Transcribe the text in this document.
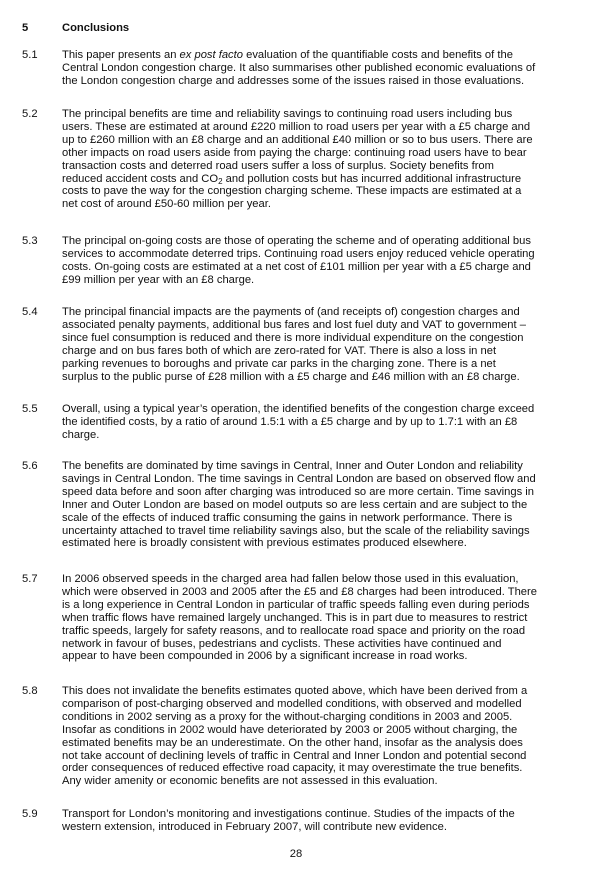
5	Conclusions
5.1	This paper presents an ex post facto evaluation of the quantifiable costs and benefits of the
Central London congestion charge. It also summarises other published economic evaluations of
the London congestion charge and addresses some of the issues raised in those evaluations.
5.2	The principal benefits are time and reliability savings to continuing road users including bus
users. These are estimated at around £220 million to road users per year with a £5 charge and
up to £260 million with an £8 charge and an additional £40 million or so to bus users. There are
other impacts on road users aside from paying the charge: continuing road users have to bear
transaction costs and deterred road users suffer a loss of surplus. Society benefits from
reduced accident costs and $CO_2$ and pollution costs but has incurred additional infrastructure
costs to pave the way for the congestion charging scheme. These impacts are estimated at a
net cost of around £50-60 million per year.
5.3	The principal on-going costs are those of operating the scheme and of operating additional bus
services to accommodate deterred trips. Continuing road users enjoy reduced vehicle operating
costs. On-going costs are estimated at a net cost of £101 million per year with a £5 charge and
£99 million per year with an £8 charge.
5.4	The principal financial impacts are the payments of (and receipts of) congestion charges and
associated penalty payments, additional bus fares and lost fuel duty and VAT to government –
since fuel consumption is reduced and there is more individual expenditure on the congestion
charge and on bus fares both of which are zero-rated for VAT. There is also a loss in net
parking revenues to boroughs and private car parks in the charging zone. There is a net
surplus to the public purse of £28 million with a £5 charge and £46 million with an £8 charge.
5.5	Overall, using a typical year’s operation, the identified benefits of the congestion charge exceed
the identified costs, by a ratio of around 1.5:1 with a £5 charge and by up to 1.7:1 with an £8
charge.
5.6	The benefits are dominated by time savings in Central, Inner and Outer London and reliability
savings in Central London. The time savings in Central London are based on observed flow and
speed data before and soon after charging was introduced so are more certain. Time savings in
Inner and Outer London are based on model outputs so are less certain and are subject to the
scale of the effects of induced traffic consuming the gains in network performance. There is
uncertainty attached to travel time reliability savings also, but the scale of the reliability savings
estimated here is broadly consistent with previous estimates produced elsewhere.
5.7	In 2006 observed speeds in the charged area had fallen below those used in this evaluation,
which were observed in 2003 and 2005 after the £5 and £8 charges had been introduced. There
is a long experience in Central London in particular of traffic speeds falling even during periods
when traffic flows have remained largely unchanged. This is in part due to measures to restrict
traffic speeds, largely for safety reasons, and to reallocate road space and priority on the road
network in favour of buses, pedestrians and cyclists. These activities have continued and
appear to have been compounded in 2006 by a significant increase in road works.
5.8	This does not invalidate the benefits estimates quoted above, which have been derived from a
comparison of post-charging observed and modelled conditions, with observed and modelled
conditions in 2002 serving as a proxy for the without-charging conditions in 2003 and 2005.
Insofar as conditions in 2002 would have deteriorated by 2003 or 2005 without charging, the
estimated benefits may be an underestimate. On the other hand, insofar as the analysis does
not take account of declining levels of traffic in Central and Inner London and potential second
order consequences of reduced effective road capacity, it may overestimate the true benefits.
Any wider amenity or economic benefits are not assessed in this evaluation.
5.9	Transport for London’s monitoring and investigations continue. Studies of the impacts of the
western extension, introduced in February 2007, will contribute new evidence.
28
